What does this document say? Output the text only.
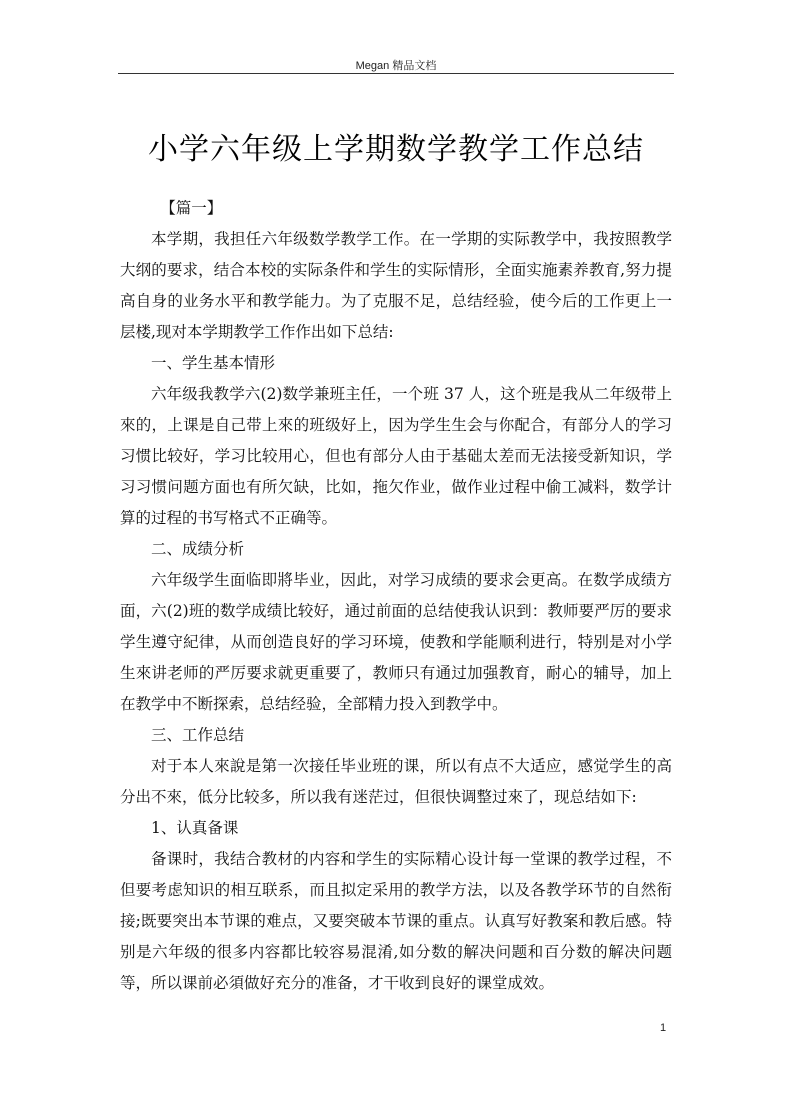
Megan 精品文档
小学六年级上学期数学教学工作总结

【篇一】

本学期，我担任六年级数学教学工作。在一学期的实际教学中，我按照教学大纲的要求，结合本校的实际条件和学生的实际情形，全面实施素养教育,努力提高自身的业务水平和教学能力。为了克服不足，总结经验，使今后的工作更上一层楼,现对本学期教学工作作出如下总结:

一、学生基本情形

六年级我教学六(2)数学兼班主任，一个班 37 人，这个班是我从二年级带上來的，上课是自己带上來的班级好上，因为学生生会与你配合，有部分人的学习习惯比较好，学习比较用心，但也有部分人由于基础太差而无法接受新知识，学习习惯问题方面也有所欠缺，比如，拖欠作业，做作业过程中偷工减料，数学计算的过程的书写格式不正确等。

二、成绩分析

六年级学生面临即將毕业，因此，对学习成绩的要求会更高。在数学成绩方面，六(2)班的数学成绩比较好，通过前面的总结使我认识到：教师要严厉的要求学生遵守紀律，从而创造良好的学习环境，使教和学能顺利进行，特别是对小学生來讲老师的严厉要求就更重要了，教师只有通过加强教育，耐心的辅导，加上在教学中不断探索，总结经验，全部精力投入到教学中。

三、工作总结

对于本人來說是第一次接任毕业班的课，所以有点不大适应，感觉学生的高分出不來，低分比较多，所以我有迷茫过，但很快调整过來了，现总结如下:

1、认真备课

备课时，我结合教材的内容和学生的实际精心设计每一堂课的教学过程，不但要考虑知识的相互联系，而且拟定采用的教学方法，以及各教学环节的自然衔接;既要突出本节课的难点，又要突破本节课的重点。认真写好教案和教后感。特别是六年级的很多内容都比较容易混淆,如分数的解决问题和百分数的解决问题等，所以课前必須做好充分的准备，才干收到良好的课堂成效。

1
